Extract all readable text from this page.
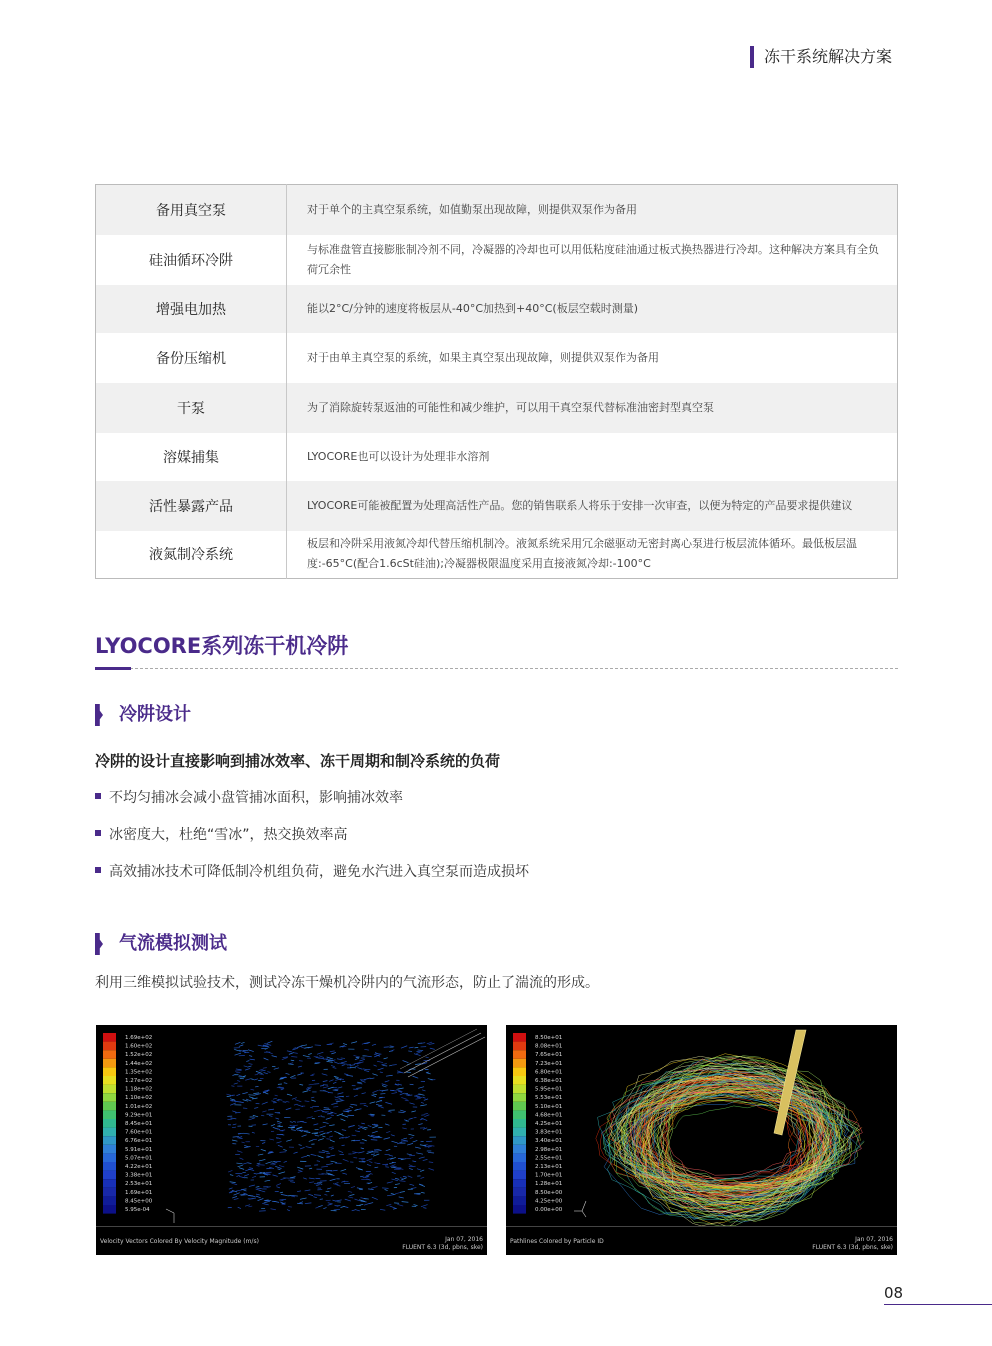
冻干系统解决方案
备用真空泵	对于单个的主真空泵系统，如值勤泵出现故障，则提供双泵作为备用
硅油循环冷阱	与标准盘管直接膨胀制冷剂不同，冷凝器的冷却也可以用低粘度硅油通过板式换热器进行冷却。这种解决方案具有全负荷冗余性
增强电加热	能以2°C/分钟的速度将板层从-40°C加热到+40°C(板层空载时测量)
备份压缩机	对于由单主真空泵的系统，如果主真空泵出现故障，则提供双泵作为备用
干泵	为了消除旋转泵返油的可能性和减少维护，可以用干真空泵代替标准油密封型真空泵
溶媒捕集	LYOCORE也可以设计为处理非水溶剂
活性暴露产品	LYOCORE可能被配置为处理高活性产品。您的销售联系人将乐于安排一次审查，以便为特定的产品要求提供建议
液氮制冷系统	板层和冷阱采用液氮冷却代替压缩机制冷。液氮系统采用冗余磁驱动无密封离心泵进行板层流体循环。最低板层温度:-65°C(配合1.6cSt硅油);冷凝器极限温度采用直接液氮冷却:-100°C
LYOCORE系列冻干机冷阱
冷阱设计
冷阱的设计直接影响到捕冰效率、冻干周期和制冷系统的负荷
不均匀捕冰会减小盘管捕冰面积，影响捕冰效率
冰密度大，杜绝“雪冰”，热交换效率高
高效捕冰技术可降低制冷机组负荷，避免水汽进入真空泵而造成损坏
气流模拟测试
利用三维模拟试验技术，测试冷冻干燥机冷阱内的气流形态，防止了湍流的形成。
1.69e+02
1.60e+02
1.52e+02
1.44e+02
1.35e+02
1.27e+02
1.18e+02
1.10e+02
1.01e+02
9.29e+01
8.45e+01
7.60e+01
6.76e+01
5.91e+01
5.07e+01
4.22e+01
3.38e+01
2.53e+01
1.69e+01
8.45e+00
5.95e-04
Velocity Vectors Colored By Velocity Magnitude (m/s)	Jan 07, 2016
FLUENT 6.3 (3d, pbns, ske)
8.50e+01
8.08e+01
7.65e+01
7.23e+01
6.80e+01
6.38e+01
5.95e+01
5.53e+01
5.10e+01
4.68e+01
4.25e+01
3.83e+01
3.40e+01
2.98e+01
2.55e+01
2.13e+01
1.70e+01
1.28e+01
8.50e+00
4.25e+00
0.00e+00
Pathlines Colored by Particle ID	Jan 07, 2016
FLUENT 6.3 (3d, pbns, ske)
08
